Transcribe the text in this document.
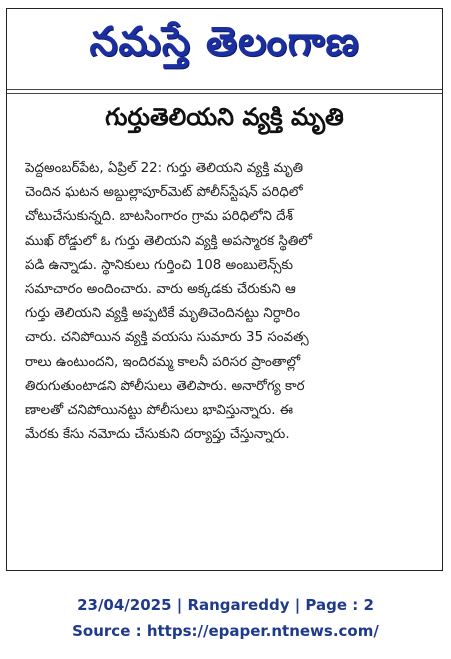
నమస్తే తెలంగాణ
గుర్తుతెలియని వ్యక్తి మృతి
పెద్దఅంబర్‌పేట, ఏప్రిల్ 22: గుర్తు తెలియని వ్యక్తి మృతి
చెందిన ఘటన అబ్దుల్లాపూర్‌మెట్ పోలీస్‌స్టేషన్ పరిధిలో
చోటుచేసుకున్నది. బాటసింగారం గ్రామ పరిధిలోని దేశ్
ముఖ్ రోడ్డులో ఓ గుర్తు తెలియని వ్యక్తి అపస్మారక స్థితిలో
పడి ఉన్నాడు. స్థానికులు గుర్తించి 108 అంబులెన్స్‌కు
సమాచారం అందించారు. వారు అక్కడకు చేరుకుని ఆ
గుర్తు తెలియని వ్యక్తి అప్పటికే మృతిచెందినట్టు నిర్ధారిం
చారు. చనిపోయిన వ్యక్తి వయసు సుమారు 35 సంవత్స
రాలు ఉంటుందని, ఇందిరమ్మ కాలనీ పరిసర ప్రాంతాల్లో
తిరుగుతుంటాడని పోలీసులు తెలిపారు. అనారోగ్య కార
ణాలతో చనిపోయినట్టు పోలీసులు భావిస్తున్నారు. ఈ
మేరకు కేసు నమోదు చేసుకుని దర్యాప్తు చేస్తున్నారు.
23/04/2025 | Rangareddy | Page : 2
Source : https://epaper.ntnews.com/
